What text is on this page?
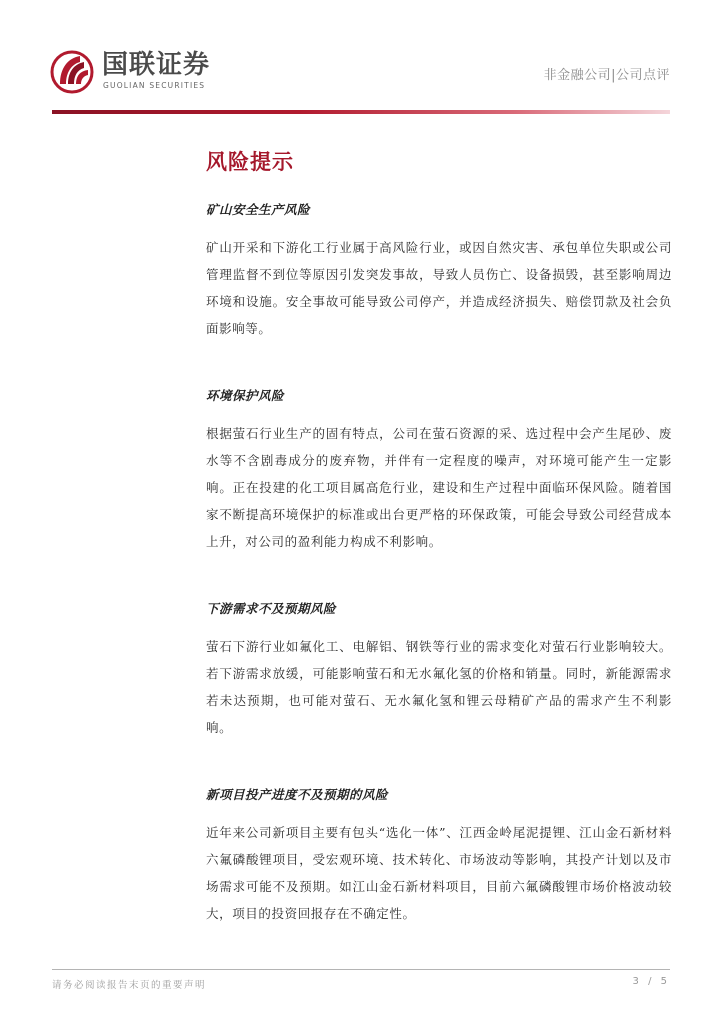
国联证券
GUOLIAN SECURITIES
非金融公司|公司点评
风险提示
矿山安全生产风险

矿山开采和下游化工行业属于高风险行业，或因自然灾害、承包单位失职或公司管理监督不到位等原因引发突发事故，导致人员伤亡、设备损毁，甚至影响周边环境和设施。安全事故可能导致公司停产，并造成经济损失、赔偿罚款及社会负面影响等。

环境保护风险

根据萤石行业生产的固有特点，公司在萤石资源的采、选过程中会产生尾砂、废水等不含剧毒成分的废弃物，并伴有一定程度的噪声，对环境可能产生一定影响。正在投建的化工项目属高危行业，建设和生产过程中面临环保风险。随着国家不断提高环境保护的标准或出台更严格的环保政策，可能会导致公司经营成本上升，对公司的盈利能力构成不利影响。

下游需求不及预期风险

萤石下游行业如氟化工、电解铝、钢铁等行业的需求变化对萤石行业影响较大。若下游需求放缓，可能影响萤石和无水氟化氢的价格和销量。同时，新能源需求若未达预期，也可能对萤石、无水氟化氢和锂云母精矿产品的需求产生不利影响。

新项目投产进度不及预期的风险

近年来公司新项目主要有包头“选化一体”、江西金岭尾泥提锂、江山金石新材料六氟磷酸锂项目，受宏观环境、技术转化、市场波动等影响，其投产计划以及市场需求可能不及预期。如江山金石新材料项目，目前六氟磷酸锂市场价格波动较大，项目的投资回报存在不确定性。

请务必阅读报告末页的重要声明	3 / 5
